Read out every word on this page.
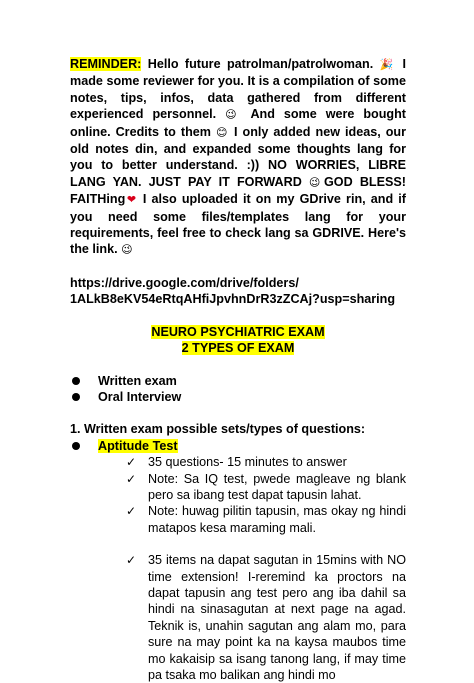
REMINDER: Hello future patrolman/patrolwoman. 🎉 I made some reviewer for you. It is a compilation of some notes, tips, infos, data gathered from different experienced personnel. 😉 And some were bought online. Credits to them 😊 I only added new ideas, our old notes din, and expanded some thoughts lang for you to better understand. :)) NO WORRIES, LIBRE LANG YAN. JUST PAY IT FORWARD 😉GOD BLESS! FAITHing❤ I also uploaded it on my GDrive rin, and if you need some files/templates lang for your requirements, feel free to check lang sa GDRIVE. Here's the link. 😉
https://drive.google.com/drive/folders/
1ALkB8eKV54eRtqAHfiJpvhnDrR3zZCAj?usp=sharing
NEURO PSYCHIATRIC EXAM
2 TYPES OF EXAM
Written exam
Oral Interview
1. Written exam possible sets/types of questions:
Aptitude Test
✓ 35 questions- 15 minutes to answer
✓ Note: Sa IQ test, pwede magleave ng blank pero sa ibang test dapat tapusin lahat.
✓ Note: huwag pilitin tapusin, mas okay ng hindi matapos kesa maraming mali.
✓ 35 items na dapat sagutan in 15mins with NO time extension! I-reremind ka proctors na dapat tapusin ang test pero ang iba dahil sa hindi na sinasagutan at next page na agad. Teknik is, unahin sagutan ang alam mo, para sure na may point ka na kaysa maubos time mo kakaisip sa isang tanong lang, if may time pa tsaka mo balikan ang hindi mo
